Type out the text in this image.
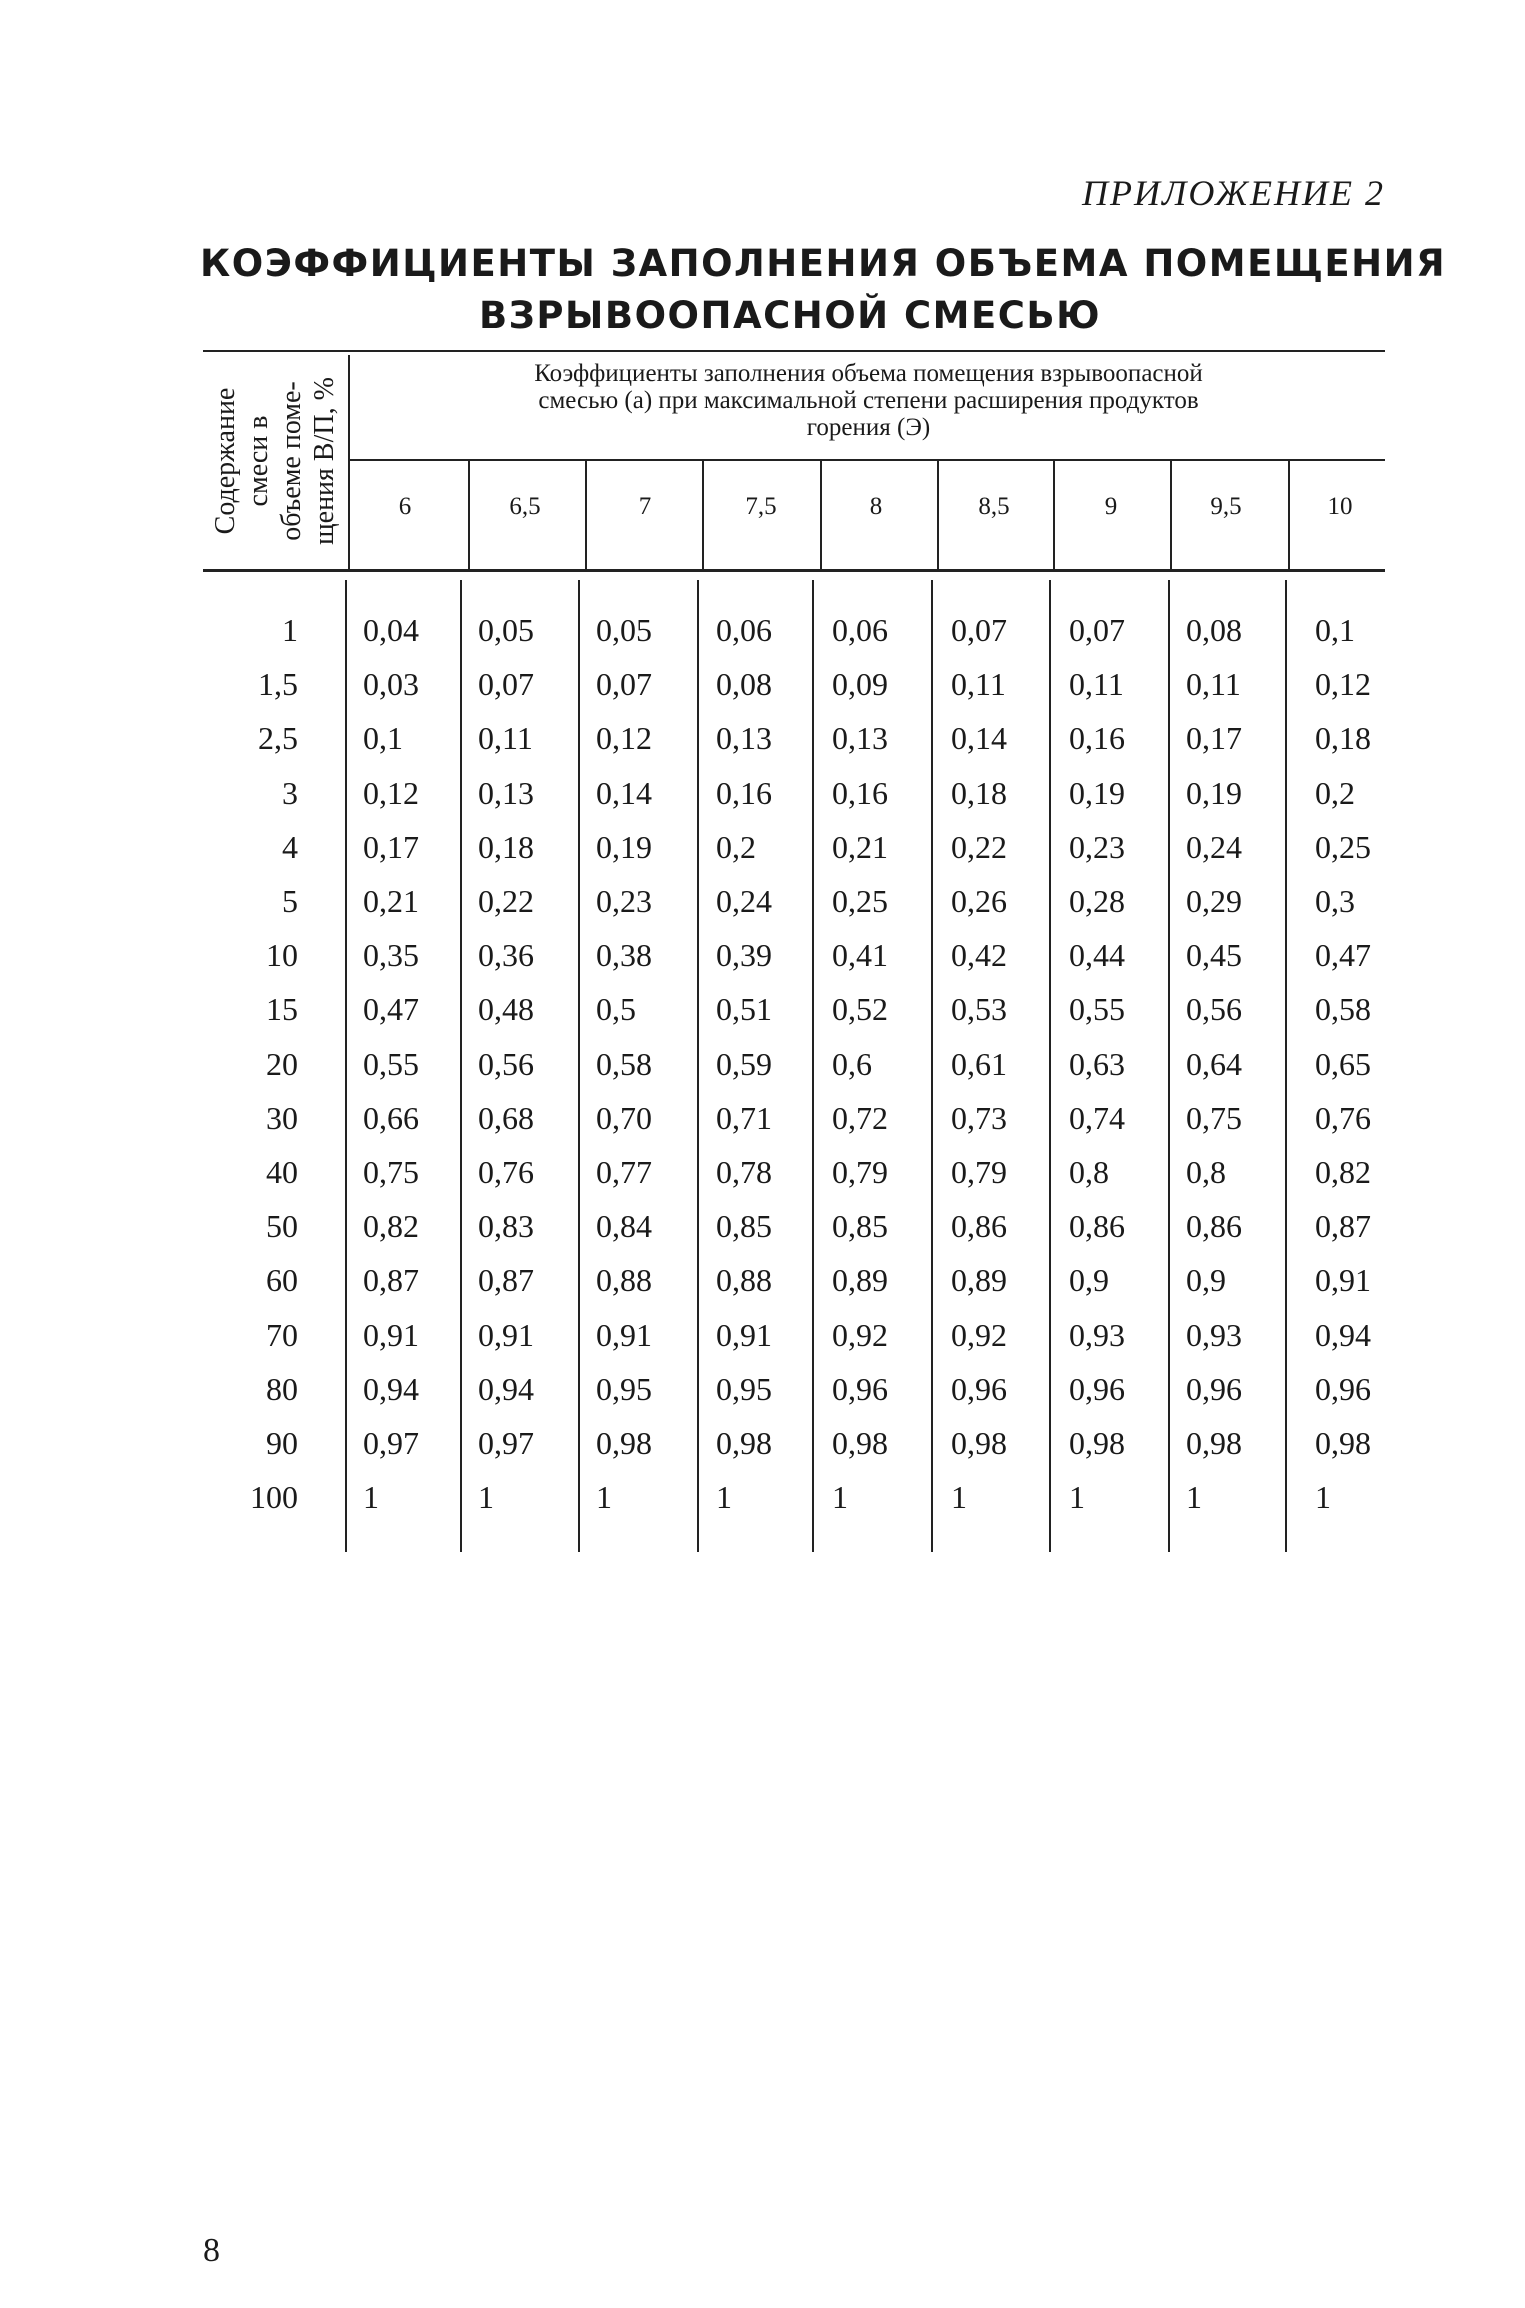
ПРИЛОЖЕНИЕ 2
КОЭФФИЦИЕНТЫ ЗАПОЛНЕНИЯ ОБЪЕМА ПОМЕЩЕНИЯ
ВЗРЫВООПАСНОЙ СМЕСЬЮ
Содержание смеси в объеме поме- щения В/П, %
Коэффициенты заполнения объема помещения взрывоопасной
смесью (а) при максимальной степени расширения продуктов
горения (Э)
6	6,5	7	7,5	8	8,5	9	9,5	10
1 0,04 0,05 0,05 0,06 0,06 0,07 0,07 0,08 0,1
1,5 0,03 0,07 0,07 0,08 0,09 0,11 0,11 0,11 0,12
2,5 0,1 0,11 0,12 0,13 0,13 0,14 0,16 0,17 0,18
3 0,12 0,13 0,14 0,16 0,16 0,18 0,19 0,19 0,2
4 0,17 0,18 0,19 0,2 0,21 0,22 0,23 0,24 0,25
5 0,21 0,22 0,23 0,24 0,25 0,26 0,28 0,29 0,3
10 0,35 0,36 0,38 0,39 0,41 0,42 0,44 0,45 0,47
15 0,47 0,48 0,5	0,51 0,52 0,53 0,55 0,56 0,58
20 0,55 0,56 0,58 0,59 0,6 0,61 0,63 0,64 0,65
30 0,66 0,68 0,70 0,71 0,72 0,73 0,74 0,75 0,76
40 0,75 0,76 0,77 0,78 0,79 0,79 0,8 0,8	0,82
50 0,82 0,83 0,84 0,85 0,85 0,86 0,86 0,86 0,87
60 0,87 0,87 0,88 0,88 0,89 0,89 0,9 0,9	0,91
70 0,91 0,91 0,91 0,91 0,92 0,92 0,93 0,93 0,94
80 0,94 0,94 0,95 0,95 0,96 0,96 0,96 0,96 0,96
90 0,97 0,97 0,98 0,98 0,98 0,98 0,98 0,98 0,98
100 1	1	1	1	1	1	1	1	1
8
